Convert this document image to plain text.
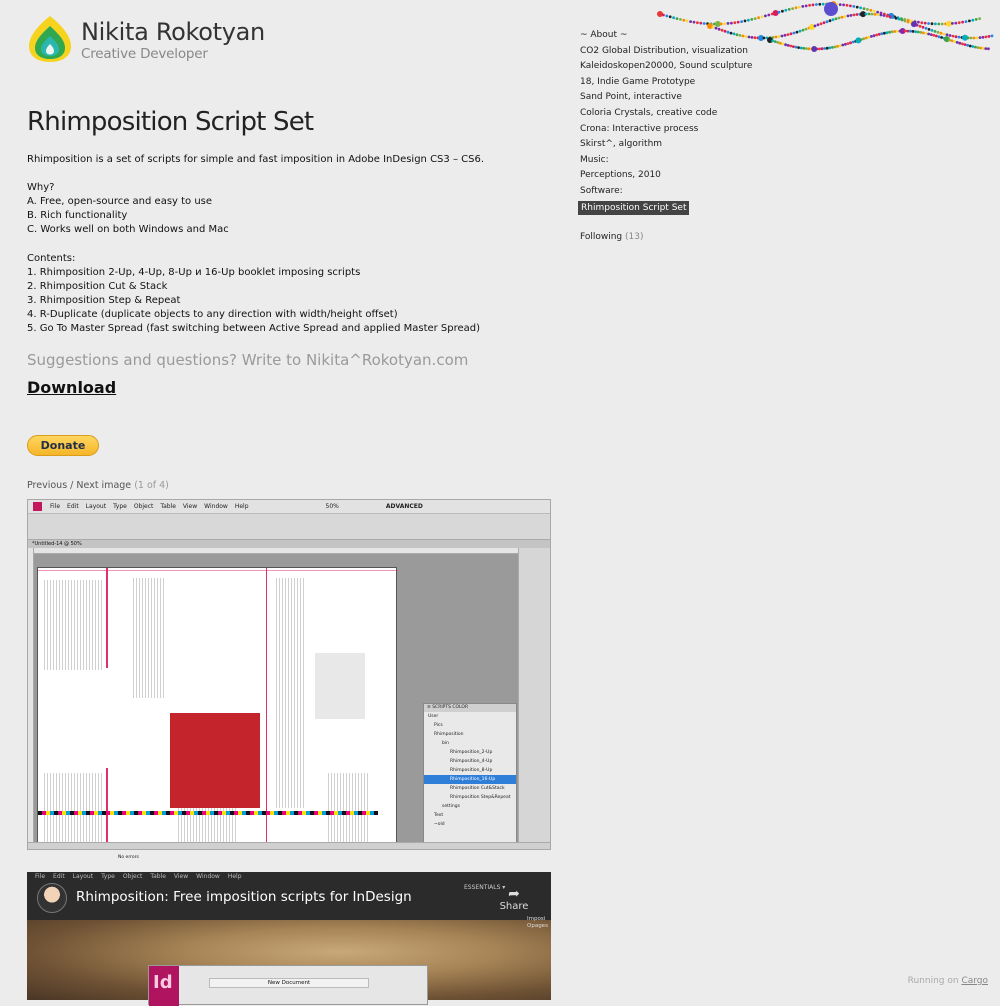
Nikita Rokotyan
Creative Developer
Rhimposition Script Set

Rhimposition is a set of scripts for simple and fast imposition in Adobe InDesign CS3 – CS6.

Why?

A. Free, open-source and easy to use

B. Rich functionality

C. Works well on both Windows and Mac

Contents:

1. Rhimposition 2-Up, 4-Up, 8-Up и 16-Up booklet imposing scripts

2. Rhimposition Cut & Stack

3. Rhimposition Step & Repeat

4. R-Duplicate (duplicate objects to any direction with width/height offset)

5. Go To Master Spread (fast switching between Active Spread and applied Master Spread)

Suggestions and questions? Write to Nikita^Rokotyan.com
Download
Donate
Previous / Next image (1 of 4)
File Edit Layout Type Object Table View Window Help	50%	ADVANCED
*Untitled-14 @ 50%
≡ SCRIPTS COLOR
User
Pics
Rhimposition
bin
Rhimposition_2-Up
Rhimposition_4-Up
Rhimposition_8-Up
Rhimposition_16-Up
Rhimposition Cut&Stack
Rhimposition Step&Repeat
settings
Text
~old
No errors
File Edit Layout Type Object Table View Window Help
Id	New Document
ESSENTIALS ▾
Imposi
Opages
Rhimposition: Free imposition scripts for InDesign	➦
Share
~ About ~
CO2 Global Distribution, visualization
Kaleidoskopen20000, Sound sculpture
18, Indie Game Prototype
Sand Point, interactive
Coloria Crystals, creative code
Crona: Interactive process
Skirst^, algorithm
Music:
Perceptions, 2010
Software:
Rhimposition Script Set
Following (13)
Running on Cargo
